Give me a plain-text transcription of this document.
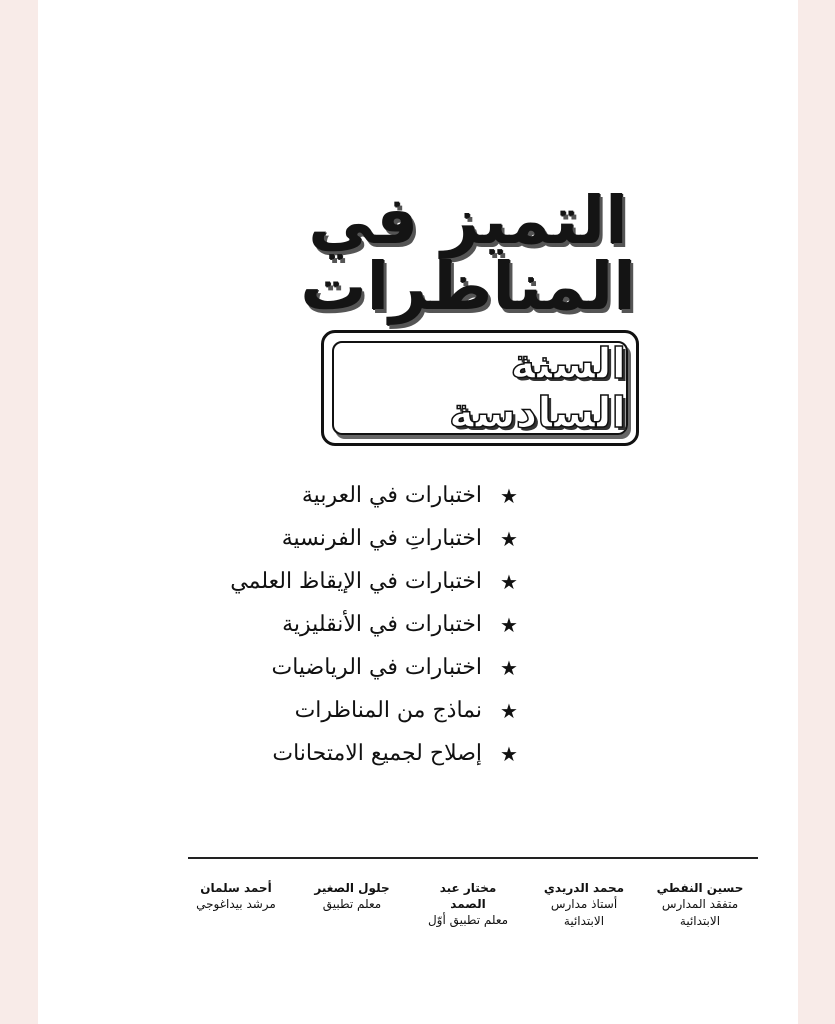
التميز في المناظرات
السنة السادسة
★
اختبارات في العربية
★
اختباراتِ في الفرنسية
★
اختبارات في الإيقاظ العلمي
★
اختبارات في الأنقليزية
★
اختبارات في الرياضيات
★
نماذج من المناظرات
★
إصلاح لجميع الامتحانات
حسين النفطي
متفقد المدارس الابتدائية
محمد الدريدي
أستاذ مدارس الابتدائية
مختار عبد الصمد
معلم تطبيق أوّل
جلول الصغير
معلم تطبيق
أحمد سلمان
مرشد بيداغوجي
